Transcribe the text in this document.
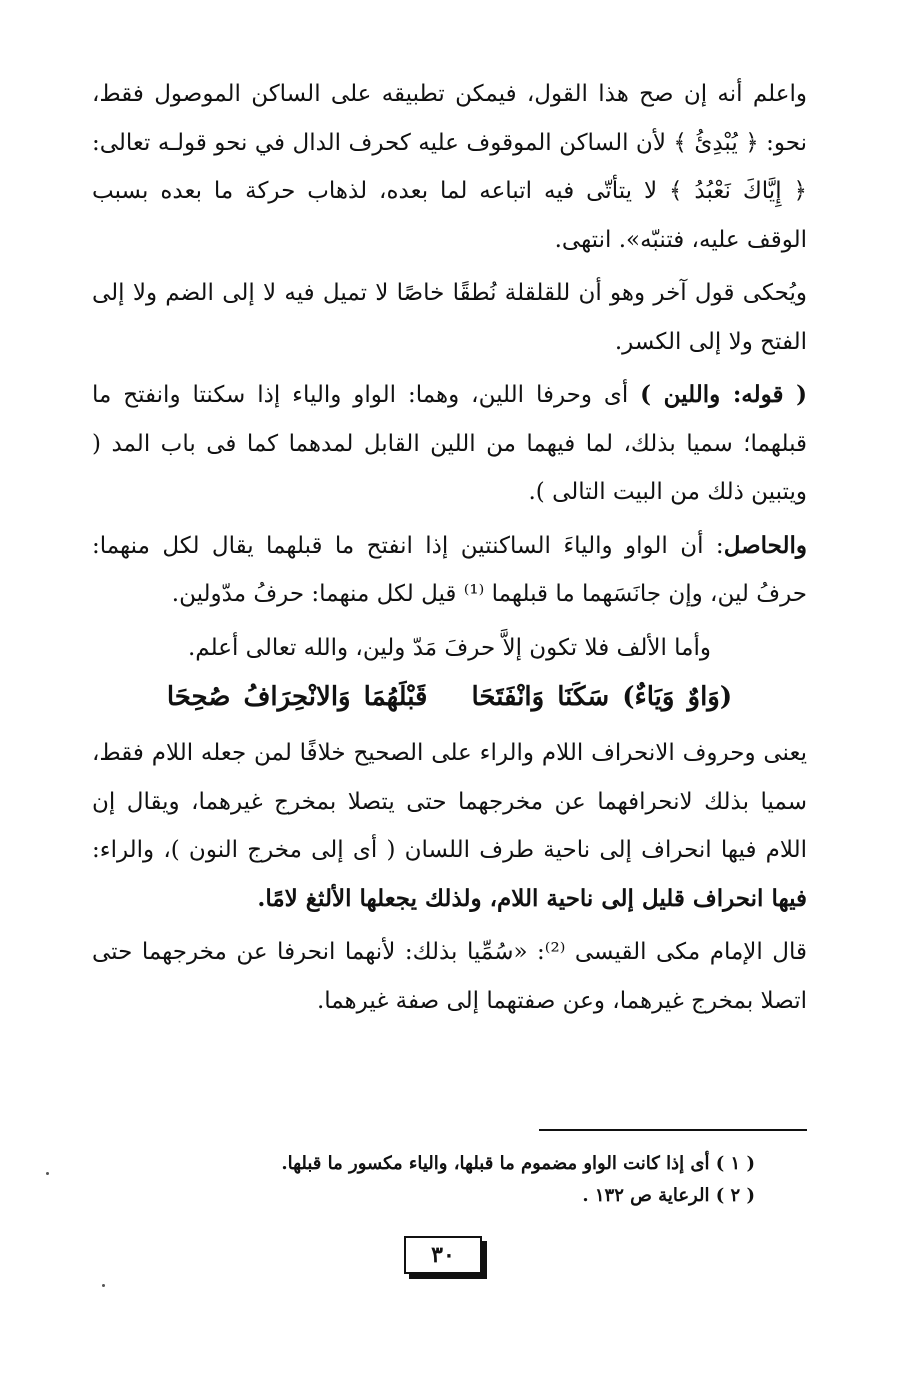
واعلم أنه إن صح هذا القول، فيمكن تطبيقه على الساكن الموصول فقط، نحو: ﴿ يُبْدِئُ ﴾ لأن الساكن الموقوف عليه كحرف الدال في نحو قولـه تعالى: ﴿ إِيَّاكَ نَعْبُدُ ﴾ لا يتأتّى فيه اتباعه لما بعده، لذهاب حركة ما بعده بسبب الوقف عليه، فتنبّه». انتهى.

ويُحكى قول آخر وهو أن للقلقلة نُطقًا خاصًا لا تميل فيه لا إلى الضم ولا إلى الفتح ولا إلى الكسر.

( قوله: واللين ) أى وحرفا اللين، وهما: الواو والياء إذا سكنتا وانفتح ما قبلهما؛ سميا بذلك، لما فيهما من اللين القابل لمدهما كما فى باب المد ( ويتبين ذلك من البيت التالى ).

والحاصل: أن الواو والياءَ الساكنتين إذا انفتح ما قبلهما يقال لكل منهما: حرفُ لين، وإن جانَسَهما ما قبلهما ⁽¹⁾ قيل لكل منهما: حرفُ مدّولين.

وأما الألف فلا تكون إلاَّ حرفَ مَدّ ولين، والله تعالى أعلم.

(وَاوٌ وَيَاءٌ) سَكَنَا وَانْفَتَحَاقَبْلَهُمَا وَالانْحِرَافُ صُحِحَا

يعنى وحروف الانحراف اللام والراء على الصحيح خلافًا لمن جعله اللام فقط، سميا بذلك لانحرافهما عن مخرجهما حتى يتصلا بمخرج غيرهما، ويقال إن اللام فيها انحراف إلى ناحية طرف اللسان ( أى إلى مخرج النون )، والراء: فيها انحراف قليل إلى ناحية اللام، ولذلك يجعلها الألثغ لامًا.

قال الإمام مكى القيسى ⁽²⁾: «سُمِّيا بذلك: لأنهما انحرفا عن مخرجهما حتى اتصلا بمخرج غيرهما، وعن صفتهما إلى صفة غيرهما.

( ١ ) أى إذا كانت الواو مضموم ما قبلها، والياء مكسور ما قبلها.
( ٢ ) الرعاية ص ١٣٢ .
٣٠
